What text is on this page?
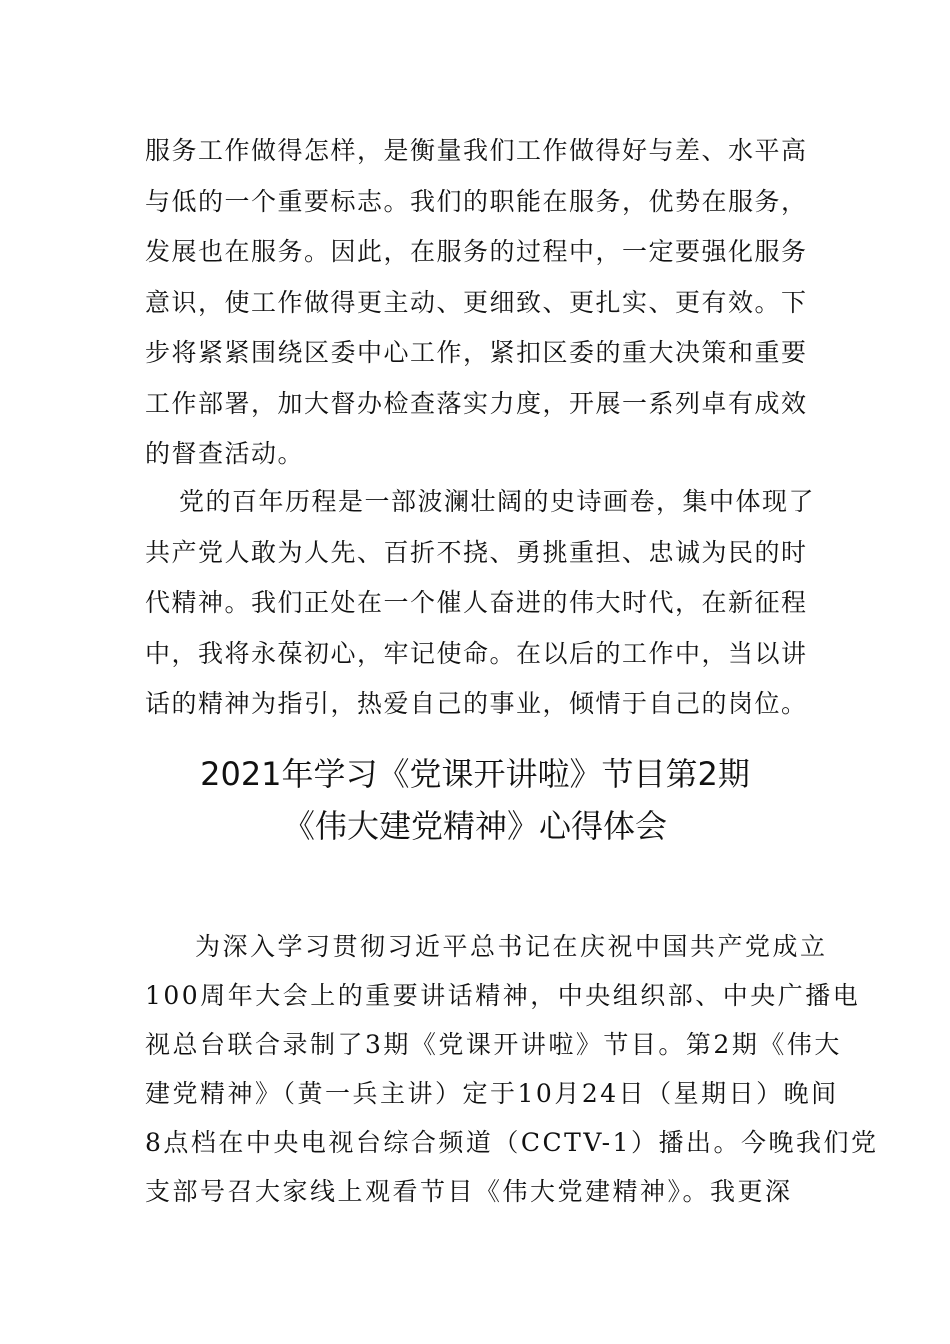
服务工作做得怎样，是衡量我们工作做得好与差、水平高
与低的一个重要标志。我们的职能在服务，优势在服务，
发展也在服务。因此，在服务的过程中，一定要强化服务
意识，使工作做得更主动、更细致、更扎实、更有效。下
步将紧紧围绕区委中心工作，紧扣区委的重大决策和重要
工作部署，加大督办检查落实力度，开展一系列卓有成效
的督查活动。
党的百年历程是一部波澜壮阔的史诗画卷，集中体现了
共产党人敢为人先、百折不挠、勇挑重担、忠诚为民的时
代精神。我们正处在一个催人奋进的伟大时代，在新征程
中，我将永葆初心，牢记使命。在以后的工作中，当以讲
话的精神为指引，热爱自己的事业，倾情于自己的岗位。
2021年学习《党课开讲啦》节目第2期
《伟大建党精神》心得体会
为深入学习贯彻习近平总书记在庆祝中国共产党成立
100周年大会上的重要讲话精神，中央组织部、中央广播电
视总台联合录制了3期《党课开讲啦》节目。第2期《伟大
建党精神》（黄一兵主讲）定于10月24日（星期日）晚间
8点档在中央电视台综合频道（CCTV-1）播出。今晚我们党
支部号召大家线上观看节目《伟大党建精神》。我更深
